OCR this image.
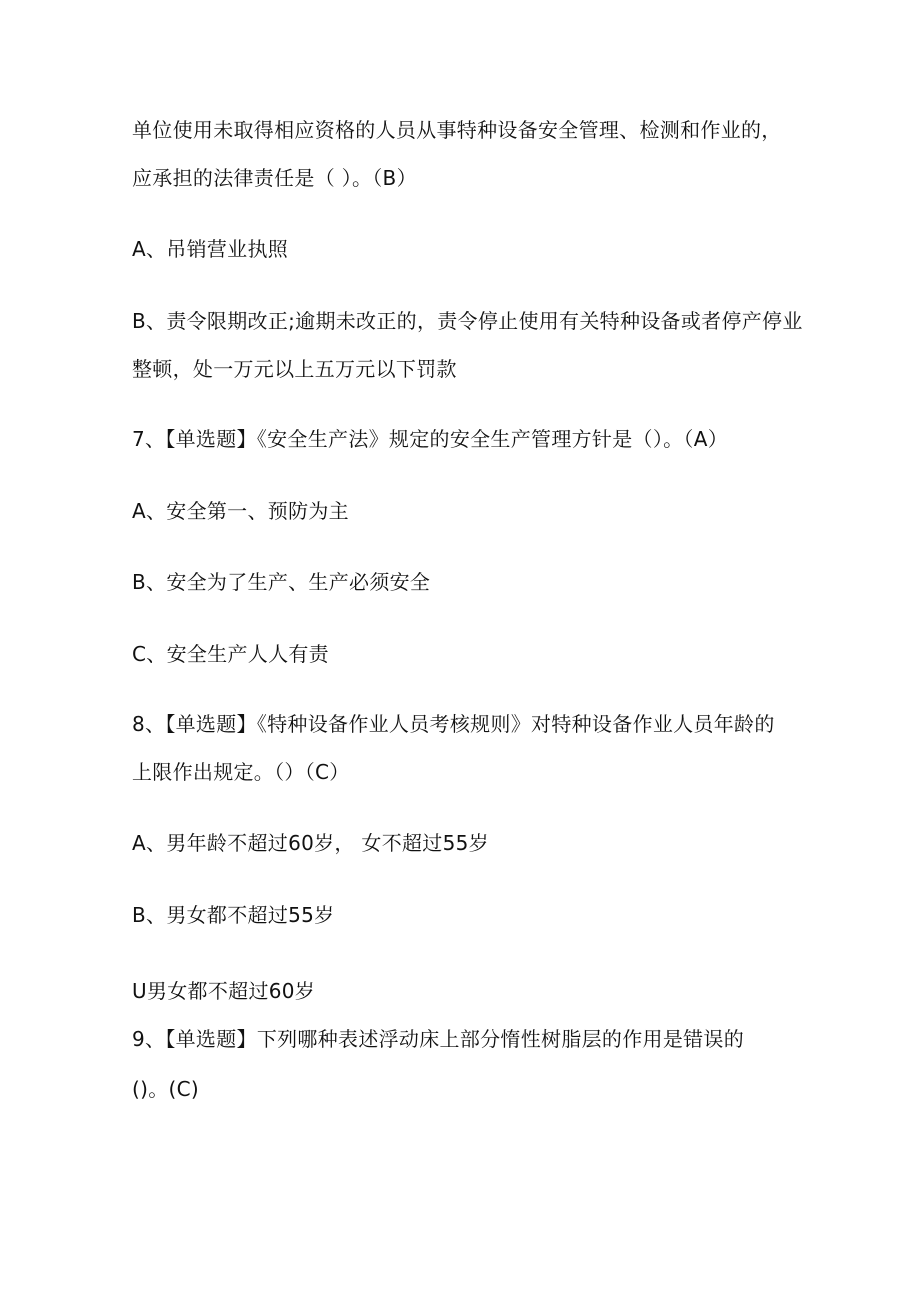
单位使用未取得相应资格的人员从事特种设备安全管理、检测和作业的，
应承担的法律责任是（ ）。（B）
A、吊销营业执照
B、责令限期改正;逾期未改正的，责令停止使用有关特种设备或者停产停业
整顿，处一万元以上五万元以下罚款
7、【单选题】《安全生产法》规定的安全生产管理方针是（）。（A）
A、安全第一、预防为主
B、安全为了生产、生产必须安全
C、安全生产人人有责
8、【单选题】《特种设备作业人员考核规则》对特种设备作业人员年龄的
上限作出规定。（）（C）
A、男年龄不超过60岁， 女不超过55岁
B、男女都不超过55岁
U男女都不超过60岁
9、【单选题】下列哪种表述浮动床上部分惰性树脂层的作用是错误的
()。(C)
